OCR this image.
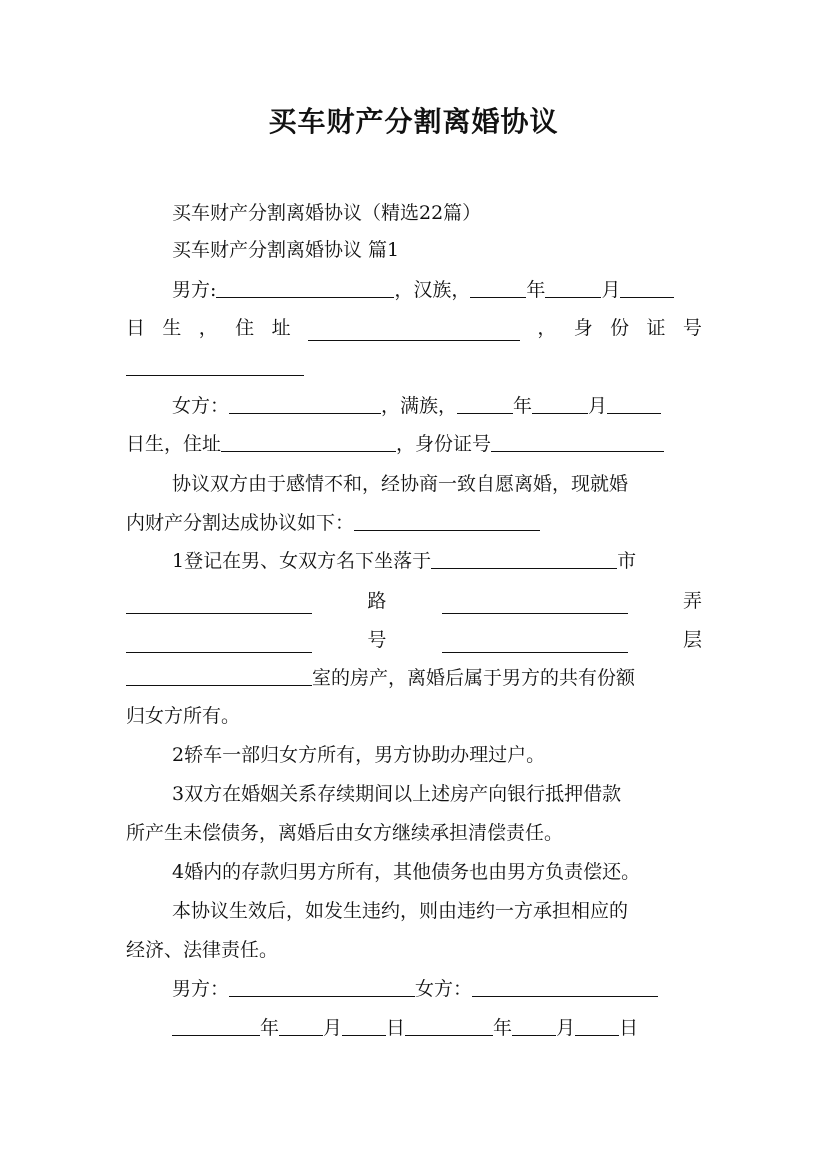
买车财产分割离婚协议
买车财产分割离婚协议（精选22篇）
买车财产分割离婚协议 篇1
男方:	，汉族，	年	月
日 生 ， 住 址	， 身 份 证 号
女方：	，满族，	年	月
日生，住址	，身份证号
协议双方由于感情不和，经协商一致自愿离婚，现就婚
内财产分割达成协议如下：
1登记在男、女双方名下坐落于	市
路	弄
号	层
室的房产，离婚后属于男方的共有份额
归女方所有。
2轿车一部归女方所有，男方协助办理过户。
3双方在婚姻关系存续期间以上述房产向银行抵押借款
所产生未偿债务，离婚后由女方继续承担清偿责任。
4婚内的存款归男方所有，其他债务也由男方负责偿还。
本协议生效后，如发生违约，则由违约一方承担相应的
经济、法律责任。
男方：	女方：
年 月 日	年 月 日
